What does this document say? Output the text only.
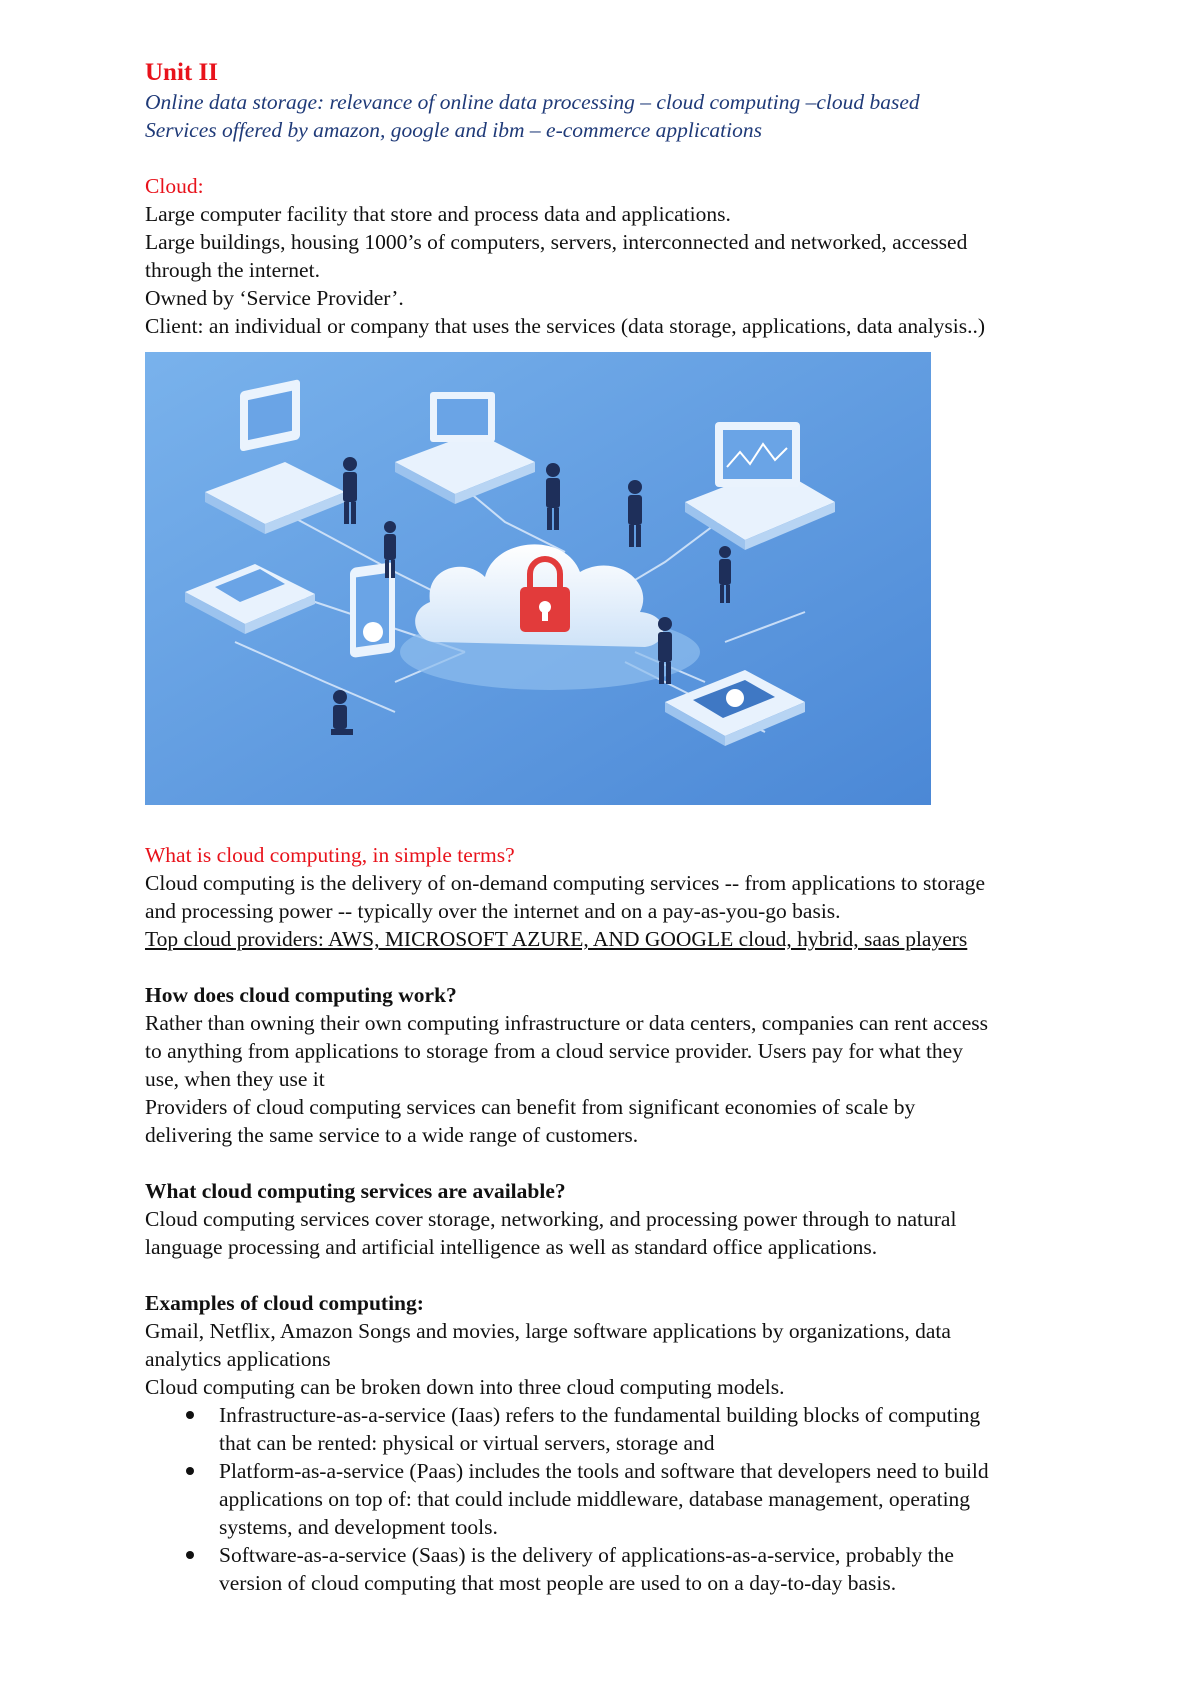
Unit II

Online data storage: relevance of online data processing – cloud computing –cloud based

Services offered by amazon, google and ibm – e-commerce applications

Cloud:

Large computer facility that store and process data and applications.

Large buildings, housing 1000’s of computers, servers, interconnected and networked, accessed

through the internet.

Owned by ‘Service Provider’.

Client: an individual or company that uses the services (data storage, applications, data analysis..)

What is cloud computing, in simple terms?

Cloud computing is the delivery of on-demand computing services -- from applications to storage

and processing power -- typically over the internet and on a pay-as-you-go basis.

Top cloud providers: AWS, MICROSOFT AZURE, AND GOOGLE cloud, hybrid, saas players

How does cloud computing work?

Rather than owning their own computing infrastructure or data centers, companies can rent access

to anything from applications to storage from a cloud service provider. Users pay for what they

use, when they use it

Providers of cloud computing services can benefit from significant economies of scale by

delivering the same service to a wide range of customers.

What cloud computing services are available?

Cloud computing services cover storage, networking, and processing power through to natural

language processing and artificial intelligence as well as standard office applications.

Examples of cloud computing:

Gmail, Netflix, Amazon Songs and movies, large software applications by organizations, data

analytics applications

Cloud computing can be broken down into three cloud computing models.

Infrastructure-as-a-service (Iaas) refers to the fundamental building blocks of computing
that can be rented: physical or virtual servers, storage and
Platform-as-a-service (Paas) includes the tools and software that developers need to build
applications on top of: that could include middleware, database management, operating
systems, and development tools.
Software-as-a-service (Saas) is the delivery of applications-as-a-service, probably the
version of cloud computing that most people are used to on a day-to-day basis.
